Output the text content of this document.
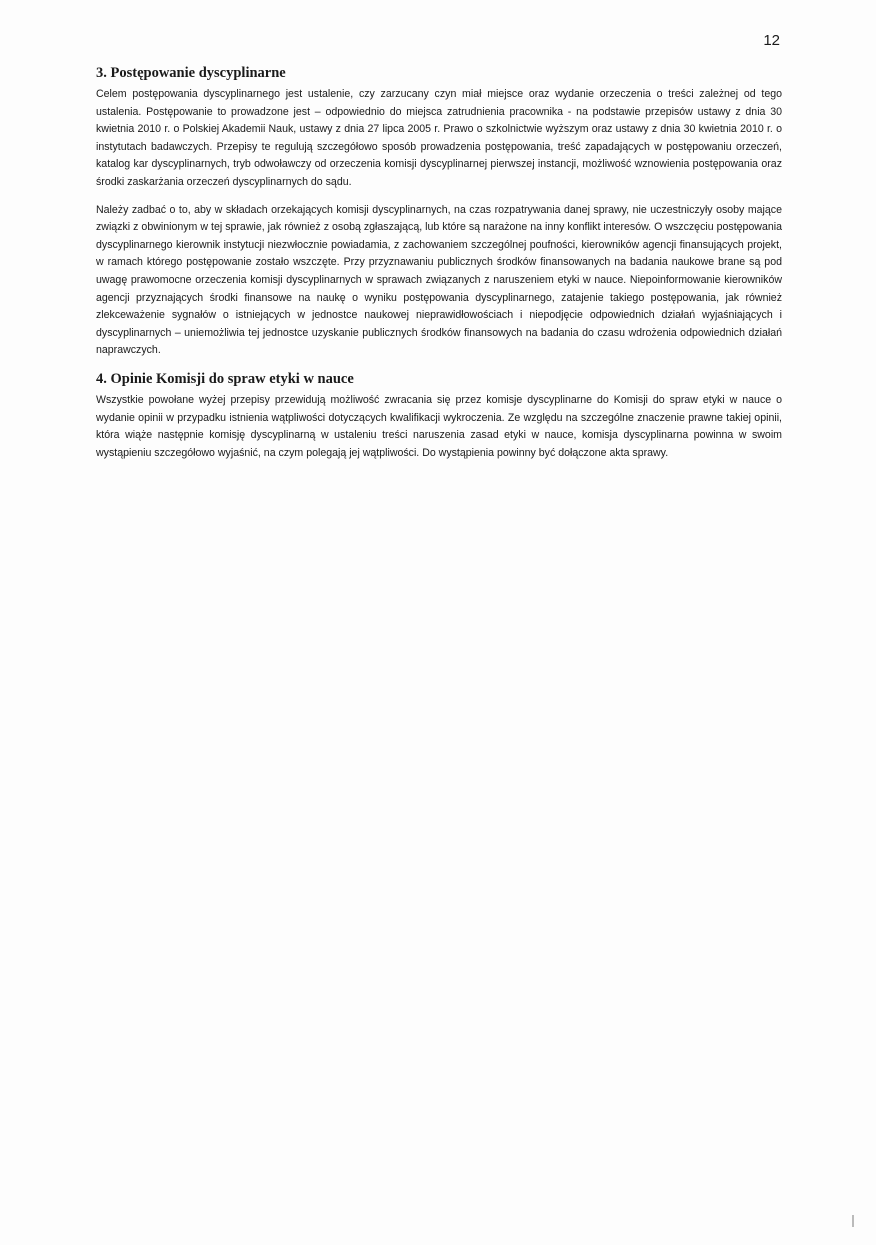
12
3. Postępowanie dyscyplinarne

Celem postępowania dyscyplinarnego jest ustalenie, czy zarzucany czyn miał miejsce oraz wydanie orzeczenia o treści zależnej od tego ustalenia. Postępowanie to prowadzone jest – odpowiednio do miejsca zatrudnienia pracownika - na podstawie przepisów ustawy z dnia 30 kwietnia 2010 r. o Polskiej Akademii Nauk, ustawy z dnia 27 lipca 2005 r. Prawo o szkolnictwie wyższym oraz ustawy z dnia 30 kwietnia 2010 r. o instytutach badawczych. Przepisy te regulują szczegółowo sposób prowadzenia postępowania, treść zapadających w postępowaniu orzeczeń, katalog kar dyscyplinarnych, tryb odwoławczy od orzeczenia komisji dyscyplinarnej pierwszej instancji, możliwość wznowienia postępowania oraz środki zaskarżania orzeczeń dyscyplinarnych do sądu.

Należy zadbać o to, aby w składach orzekających komisji dyscyplinarnych, na czas rozpatrywania danej sprawy, nie uczestniczyły osoby mające związki z obwinionym w tej sprawie, jak również z osobą zgłaszającą, lub które są narażone na inny konflikt interesów. O wszczęciu postępowania dyscyplinarnego kierownik instytucji niezwłocznie powiadamia, z zachowaniem szczególnej poufności, kierowników agencji finansujących projekt, w ramach którego postępowanie zostało wszczęte. Przy przyznawaniu publicznych środków finansowanych na badania naukowe brane są pod uwagę prawomocne orzeczenia komisji dyscyplinarnych w sprawach związanych z naruszeniem etyki w nauce. Niepoinformowanie kierowników agencji przyznających środki finansowe na naukę o wyniku postępowania dyscyplinarnego, zatajenie takiego postępowania, jak również zlekceważenie sygnałów o istniejących w jednostce naukowej nieprawidłowościach i niepodjęcie odpowiednich działań wyjaśniających i dyscyplinarnych – uniemożliwia tej jednostce uzyskanie publicznych środków finansowych na badania do czasu wdrożenia odpowiednich działań naprawczych.

4. Opinie Komisji do spraw etyki w nauce

Wszystkie powołane wyżej przepisy przewidują możliwość zwracania się przez komisje dyscyplinarne do Komisji do spraw etyki w nauce o wydanie opinii w przypadku istnienia wątpliwości dotyczących kwalifikacji wykroczenia. Ze względu na szczególne znaczenie prawne takiej opinii, która wiąże następnie komisję dyscyplinarną w ustaleniu treści naruszenia zasad etyki w nauce, komisja dyscyplinarna powinna w swoim wystąpieniu szczegółowo wyjaśnić, na czym polegają jej wątpliwości. Do wystąpienia powinny być dołączone akta sprawy.
